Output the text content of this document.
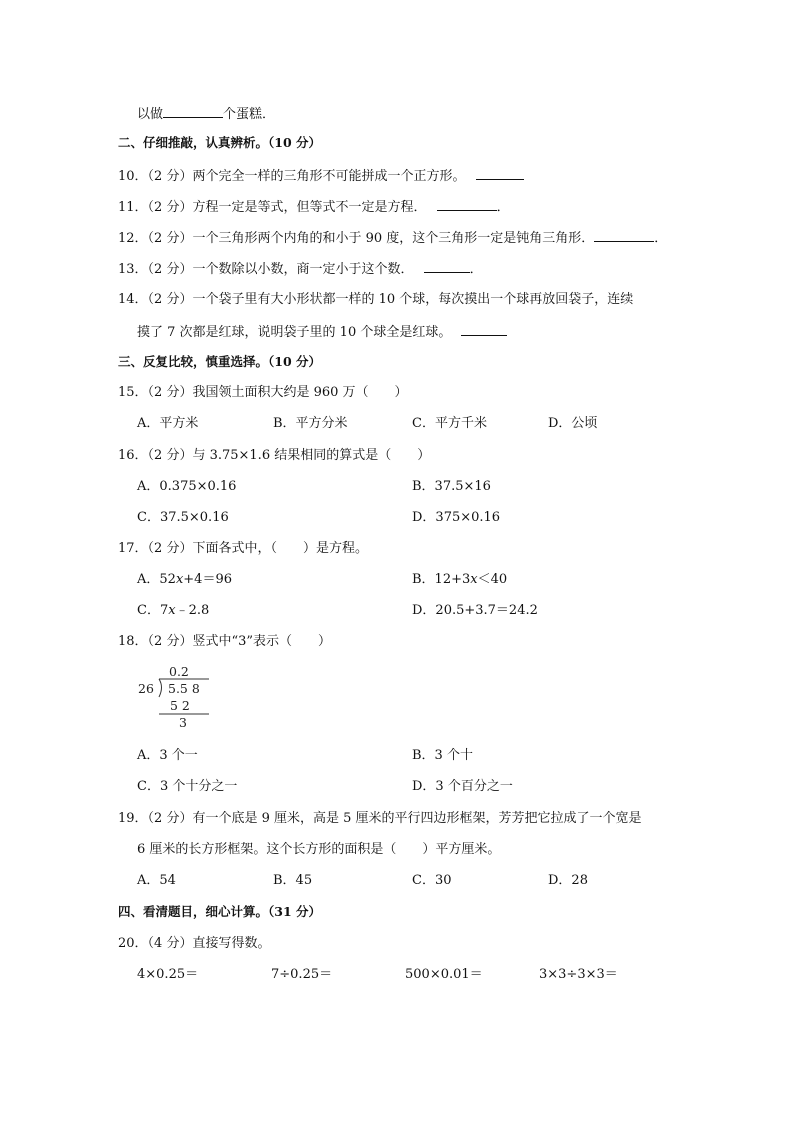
以做	个蛋糕．
二、仔细推敲，认真辨析。（10 分）
10．（2 分）两个完全一样的三角形不可能拼成一个正方形。
11．（2 分）方程一定是等式，但等式不一定是方程．	．
12．（2 分）一个三角形两个内角的和小于 90 度，这个三角形一定是钝角三角形．	．
13．（2 分）一个数除以小数，商一定小于这个数．	．
14．（2 分）一个袋子里有大小形状都一样的 10 个球，每次摸出一个球再放回袋子，连续
摸了 7 次都是红球，说明袋子里的 10 个球全是红球。
三、反复比较，慎重选择。（10 分）
15．（2 分）我国领土面积大约是 960 万（　　）
A．平方米	B．平方分米	C．平方千米	D．公顷
16．（2 分）与 3.75×1.6 结果相同的算式是（　　）
A．0.375×0.16	B．37.5×16
C．37.5×0.16	D．375×0.16
17．（2 分）下面各式中，（　　）是方程。
A．52x+4＝96	B．12+3x＜40
C．7x﹣2.8	D．20.5+3.7＝24.2
18．（2 分）竖式中“3”表示（　　）
0.2
26 5.5 8
5 2
3
A．3 个一	B．3 个十
C．3 个十分之一	D．3 个百分之一
19．（2 分）有一个底是 9 厘米，高是 5 厘米的平行四边形框架，芳芳把它拉成了一个宽是
6 厘米的长方形框架。这个长方形的面积是（　　）平方厘米。
A．54	B．45	C．30	D．28
四、看清题目，细心计算。（31 分）
20．（4 分）直接写得数。
4×0.25＝	7÷0.25＝	500×0.01＝	3×3÷3×3＝
